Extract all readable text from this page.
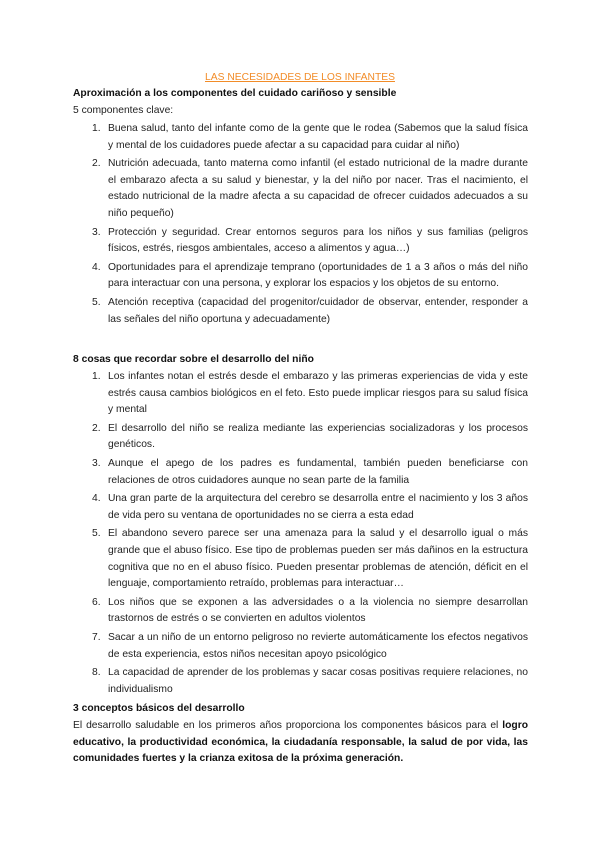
LAS NECESIDADES DE LOS INFANTES
Aproximación a los componentes del cuidado cariñoso y sensible
5 componentes clave:
1. Buena salud, tanto del infante como de la gente que le rodea (Sabemos que la salud física y mental de los cuidadores puede afectar a su capacidad para cuidar al niño)
2. Nutrición adecuada, tanto materna como infantil (el estado nutricional de la madre durante el embarazo afecta a su salud y bienestar, y la del niño por nacer. Tras el nacimiento, el estado nutricional de la madre afecta a su capacidad de ofrecer cuidados adecuados a su niño pequeño)
3. Protección y seguridad. Crear entornos seguros para los niños y sus familias (peligros físicos, estrés, riesgos ambientales, acceso a alimentos y agua…)
4. Oportunidades para el aprendizaje temprano (oportunidades de 1 a 3 años o más del niño para interactuar con una persona, y explorar los espacios y los objetos de su entorno.
5. Atención receptiva (capacidad del progenitor/cuidador de observar, entender, responder a las señales del niño oportuna y adecuadamente)
8 cosas que recordar sobre el desarrollo del niño
1. Los infantes notan el estrés desde el embarazo y las primeras experiencias de vida y este estrés causa cambios biológicos en el feto. Esto puede implicar riesgos para su salud física y mental
2. El desarrollo del niño se realiza mediante las experiencias socializadoras y los procesos genéticos.
3. Aunque el apego de los padres es fundamental, también pueden beneficiarse con relaciones de otros cuidadores aunque no sean parte de la familia
4. Una gran parte de la arquitectura del cerebro se desarrolla entre el nacimiento y los 3 años de vida pero su ventana de oportunidades no se cierra a esta edad
5. El abandono severo parece ser una amenaza para la salud y el desarrollo igual o más grande que el abuso físico. Ese tipo de problemas pueden ser más dañinos en la estructura cognitiva que no en el abuso físico. Pueden presentar problemas de atención, déficit en el lenguaje, comportamiento retraído, problemas para interactuar…
6. Los niños que se exponen a las adversidades o a la violencia no siempre desarrollan trastornos de estrés o se convierten en adultos violentos
7. Sacar a un niño de un entorno peligroso no revierte automáticamente los efectos negativos de esta experiencia, estos niños necesitan apoyo psicológico
8. La capacidad de aprender de los problemas y sacar cosas positivas requiere relaciones, no individualismo
3 conceptos básicos del desarrollo
El desarrollo saludable en los primeros años proporciona los componentes básicos para el logro educativo, la productividad económica, la ciudadanía responsable, la salud de por vida, las comunidades fuertes y la crianza exitosa de la próxima generación.
